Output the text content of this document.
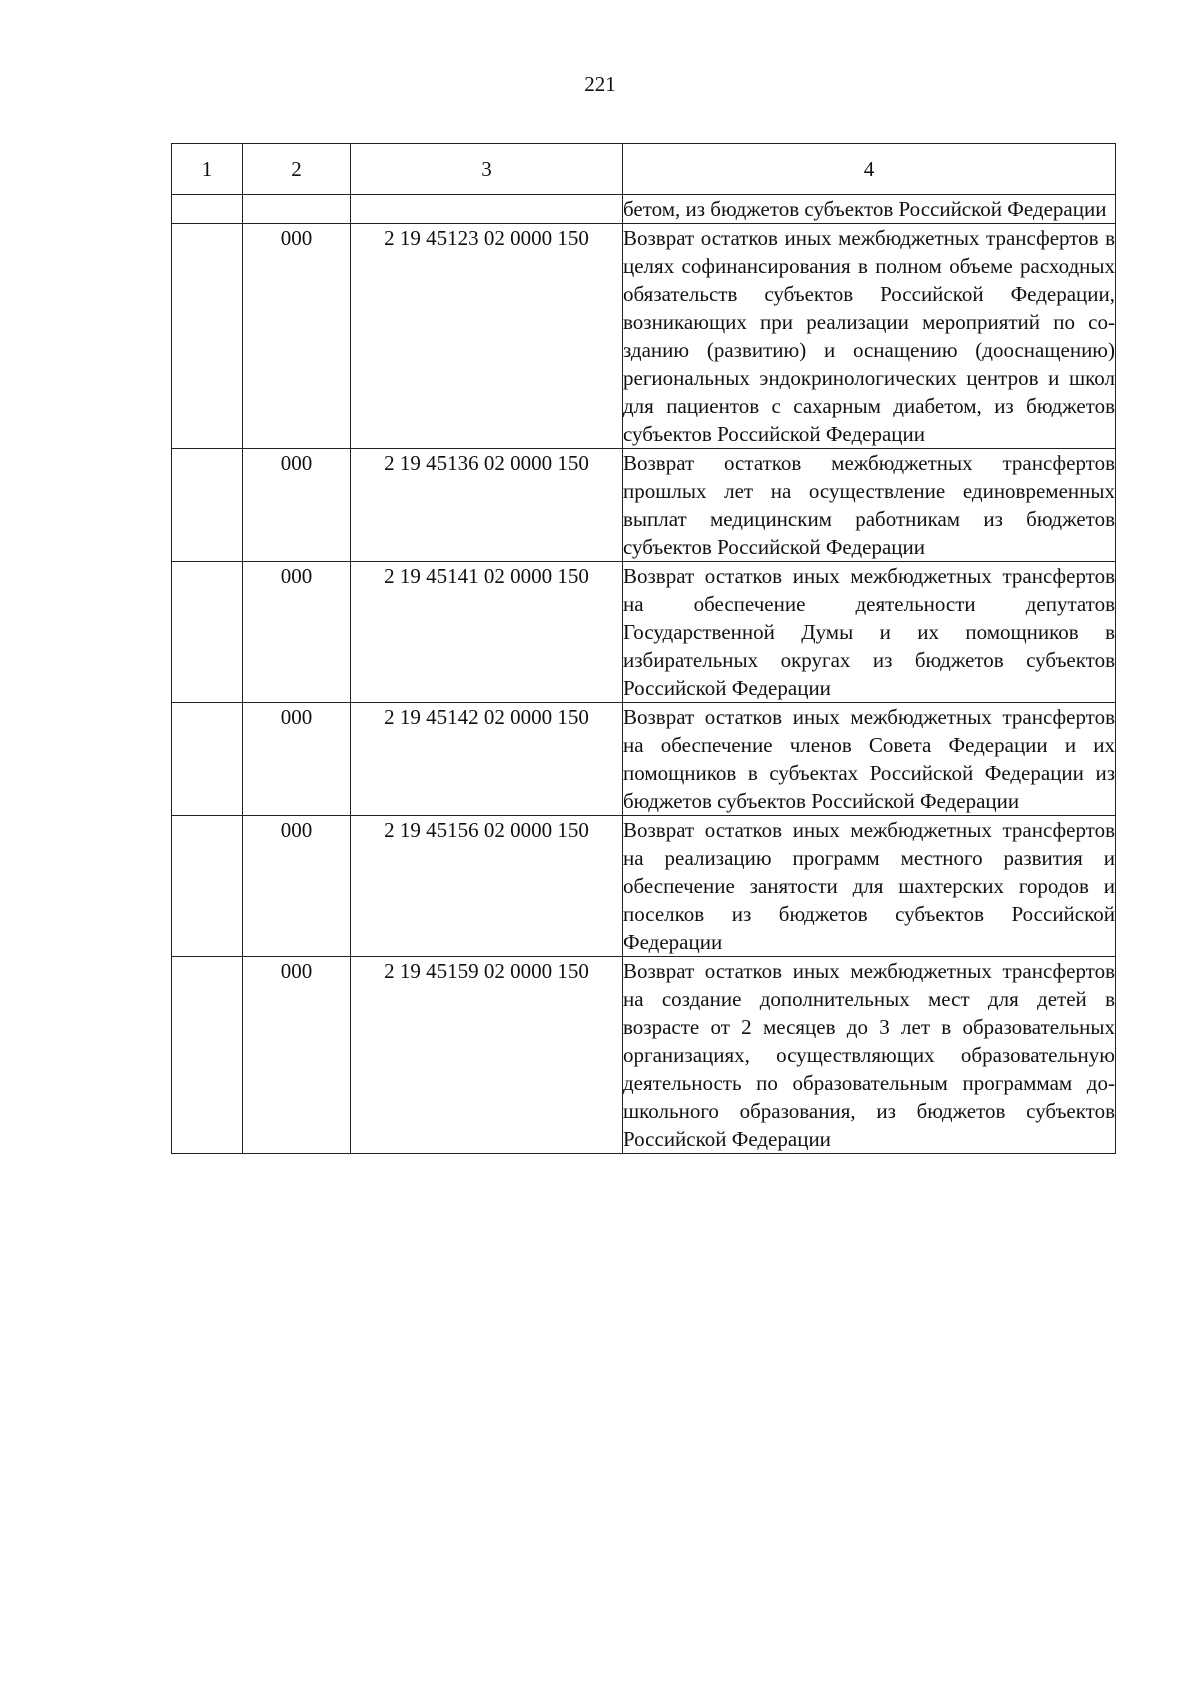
221
1	2	3	4
			бетом, из бюджетов субъектов Российской Федерации
	000	2 19 45123 02 0000 150	Возврат остатков иных межбюджетных трансфертов в целях софинансирования в полном объеме расходных обязательств субъектов Российской Федерации, возникающих при реализации мероприятий по созданию (развитию) и оснащению (дооснащению) региональных эндокринологических центров и школ для пациентов с сахарным диабетом, из бюджетов субъектов Российской Федерации
	000	2 19 45136 02 0000 150	Возврат остатков межбюджетных трансфертов прошлых лет на осуществление единовременных выплат медицинским работникам из бюджетов субъектов Российской Федерации
	000	2 19 45141 02 0000 150	Возврат остатков иных межбюджетных трансфертов на обеспечение деятельности депутатов Государственной Думы и их помощников в избирательных округах из бюджетов субъектов Российской Федерации
	000	2 19 45142 02 0000 150	Возврат остатков иных межбюджетных трансфертов на обеспечение членов Совета Федерации и их помощников в субъектах Российской Федерации из бюджетов субъектов Российской Федерации
	000	2 19 45156 02 0000 150	Возврат остатков иных межбюджетных трансфертов на реализацию программ местного развития и обеспечение занятости для шахтерских городов и поселков из бюджетов субъектов Российской Федерации
	000	2 19 45159 02 0000 150	Возврат остатков иных межбюджетных трансфертов на создание дополнительных мест для детей в возрасте от 2 месяцев до 3 лет в образовательных организациях, осуществляющих образовательную деятельность по образовательным программам дошкольного образования, из бюджетов субъектов Российской Федерации
